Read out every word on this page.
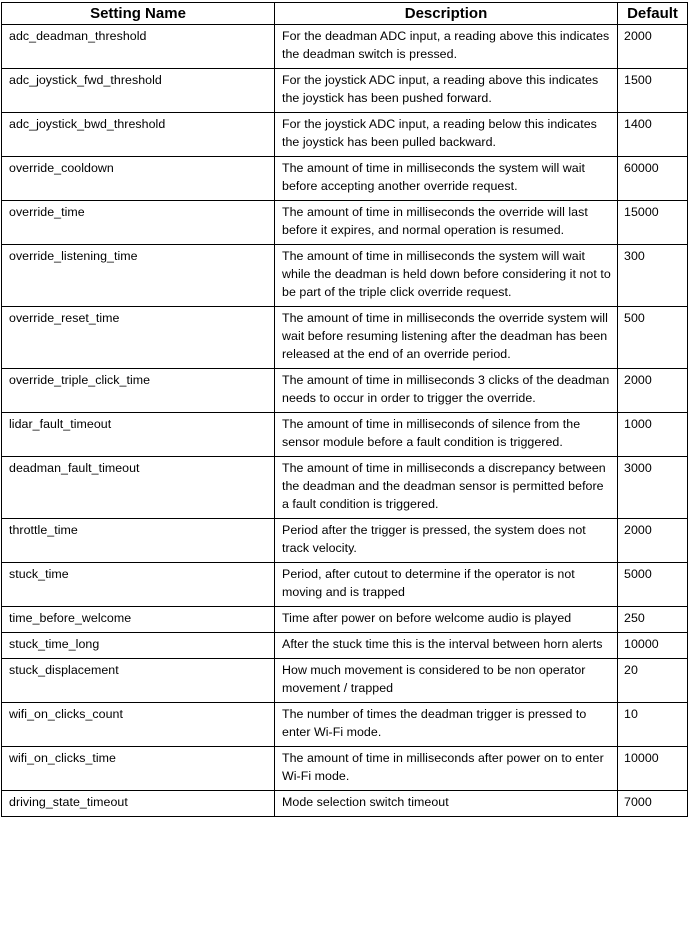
Setting Name	Description	Default
adc_deadman_threshold	For the deadman ADC input, a reading above this indicates the deadman switch is pressed.	2000
adc_joystick_fwd_threshold	For the joystick ADC input, a reading above this indicates the joystick has been pushed forward.	1500
adc_joystick_bwd_threshold	For the joystick ADC input, a reading below this indicates the joystick has been pulled backward.	1400
override_cooldown	The amount of time in milliseconds the system will wait before accepting another override request.	60000
override_time	The amount of time in milliseconds the override will last before it expires, and normal operation is resumed.	15000
override_listening_time	The amount of time in milliseconds the system will wait while the deadman is held down before considering it not to be part of the triple click override request.	300
override_reset_time	The amount of time in milliseconds the override system will wait before resuming listening after the deadman has been released at the end of an override period.	500
override_triple_click_time	The amount of time in milliseconds 3 clicks of the deadman needs to occur in order to trigger the override.	2000
lidar_fault_timeout	The amount of time in milliseconds of silence from the sensor module before a fault condition is triggered.	1000
deadman_fault_timeout	The amount of time in milliseconds a discrepancy between the deadman and the deadman sensor is permitted before a fault condition is triggered.	3000
throttle_time	Period after the trigger is pressed, the system does not track velocity.	2000
stuck_time	Period, after cutout to determine if the operator is not moving and is trapped	5000
time_before_welcome	Time after power on before welcome audio is played	250
stuck_time_long	After the stuck time this is the interval between horn alerts	10000
stuck_displacement	How much movement is considered to be non operator movement / trapped	20
wifi_on_clicks_count	The number of times the deadman trigger is pressed to enter Wi-Fi mode.	10
wifi_on_clicks_time	The amount of time in milliseconds after power on to enter Wi-Fi mode.	10000
driving_state_timeout	Mode selection switch timeout	7000
